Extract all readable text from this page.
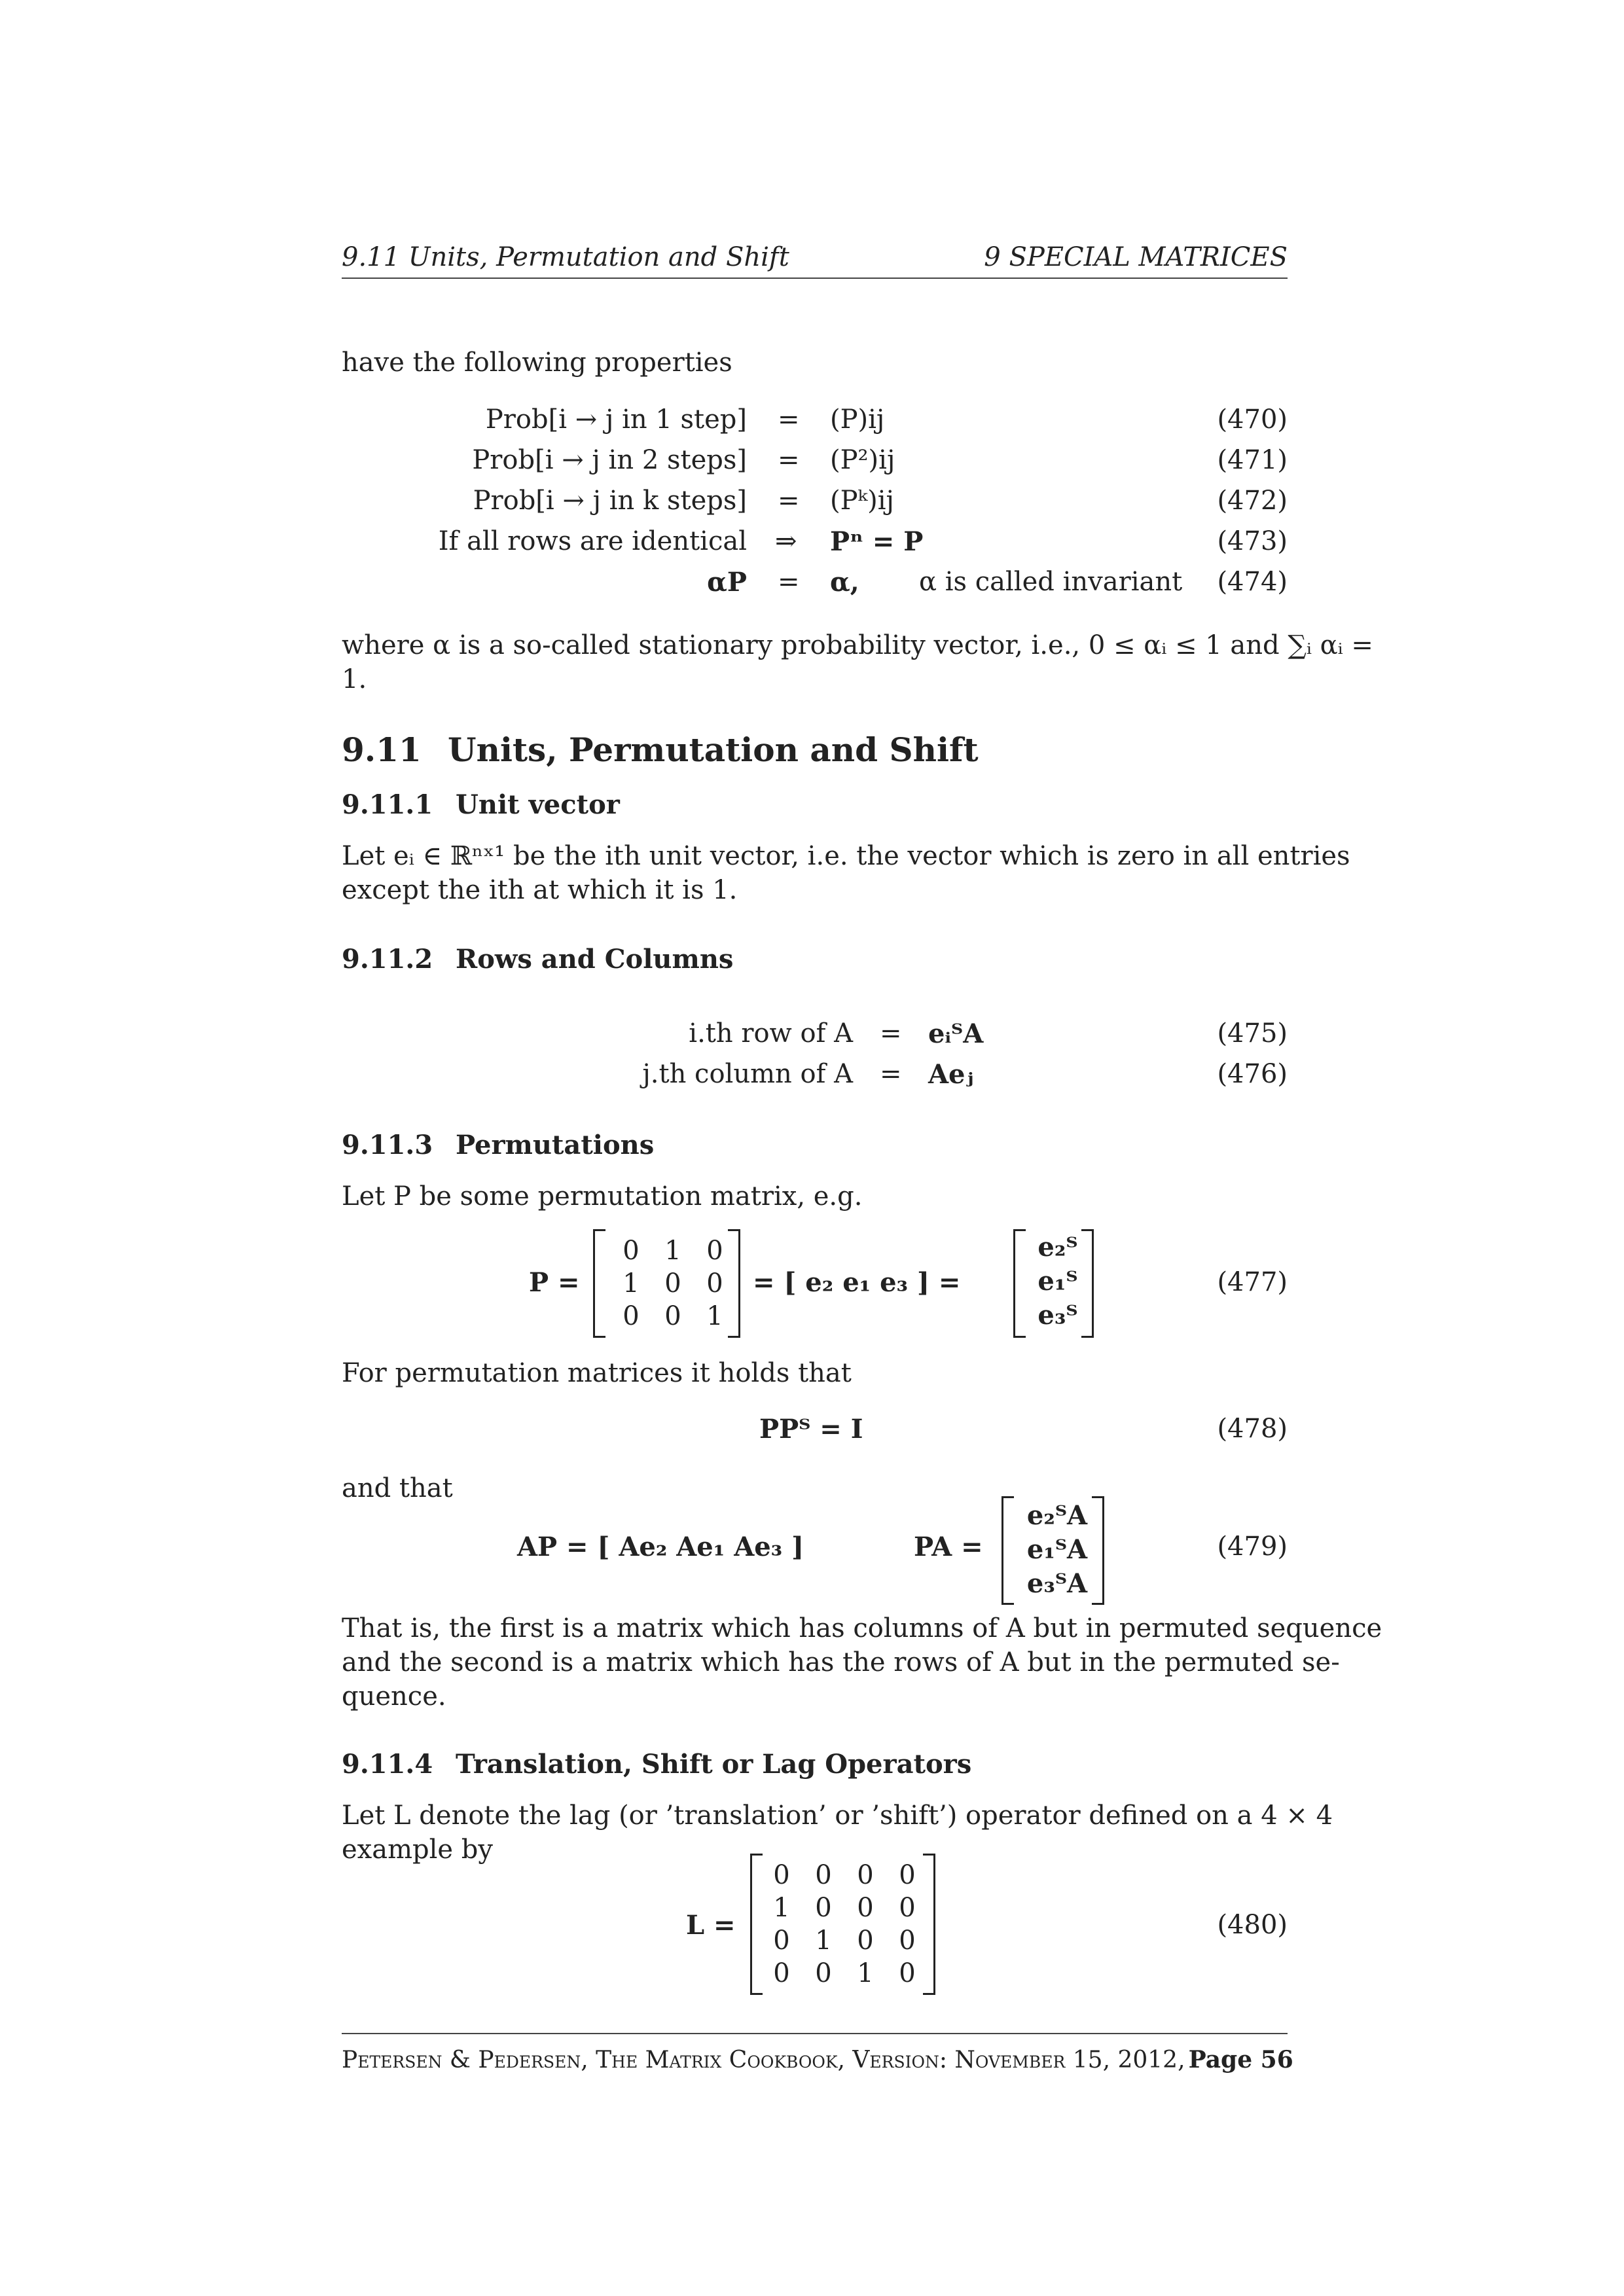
9.11 Units, Permutation and Shift	9 SPECIAL MATRICES
have the following properties
Prob[i → j in 1 step] = (P)ij	(470)
Prob[i → j in 2 steps] = (P²)ij	(471)
Prob[i → j in k steps] = (Pᵏ)ij	(472)
If all rows are identical ⇒ Pⁿ = P	(473)
αP = α, α is called invariant (474)
where α is a so-called stationary probability vector, i.e., 0 ≤ αᵢ ≤ 1 and ∑ᵢ αᵢ =
1.
9.11 Units, Permutation and Shift
9.11.1 Unit vector
Let eᵢ ∈ ℝⁿˣ¹ be the ith unit vector, i.e. the vector which is zero in all entries
except the ith at which it is 1.
9.11.2 Rows and Columns
i.th row of A = eᵢᵀA	(475)
j.th column of A = Aeⱼ	(476)
9.11.3 Permutations
Let P be some permutation matrix, e.g.
P =
0 1 0
1 0 0
0 0 1
= [ e₂ e₁ e₃ ] =
e₂ᵀ
e₁ᵀ
e₃ᵀ
(477)
For permutation matrices it holds that
PPᵀ = I	(478)
and that
AP = [ Ae₂ Ae₁ Ae₃ ]	PA =
e₂ᵀA
e₁ᵀA
e₃ᵀA
(479)
That is, the first is a matrix which has columns of A but in permuted sequence
and the second is a matrix which has the rows of A but in the permuted se-
quence.
9.11.4 Translation, Shift or Lag Operators
Let L denote the lag (or ’translation’ or ’shift’) operator defined on a 4 × 4
example by
L =
0 0 0 0
1 0 0 0
0 1 0 0
0 0 1 0
(480)
Petersen & Pedersen, The Matrix Cookbook, Version: November 15, 2012, Page 56
